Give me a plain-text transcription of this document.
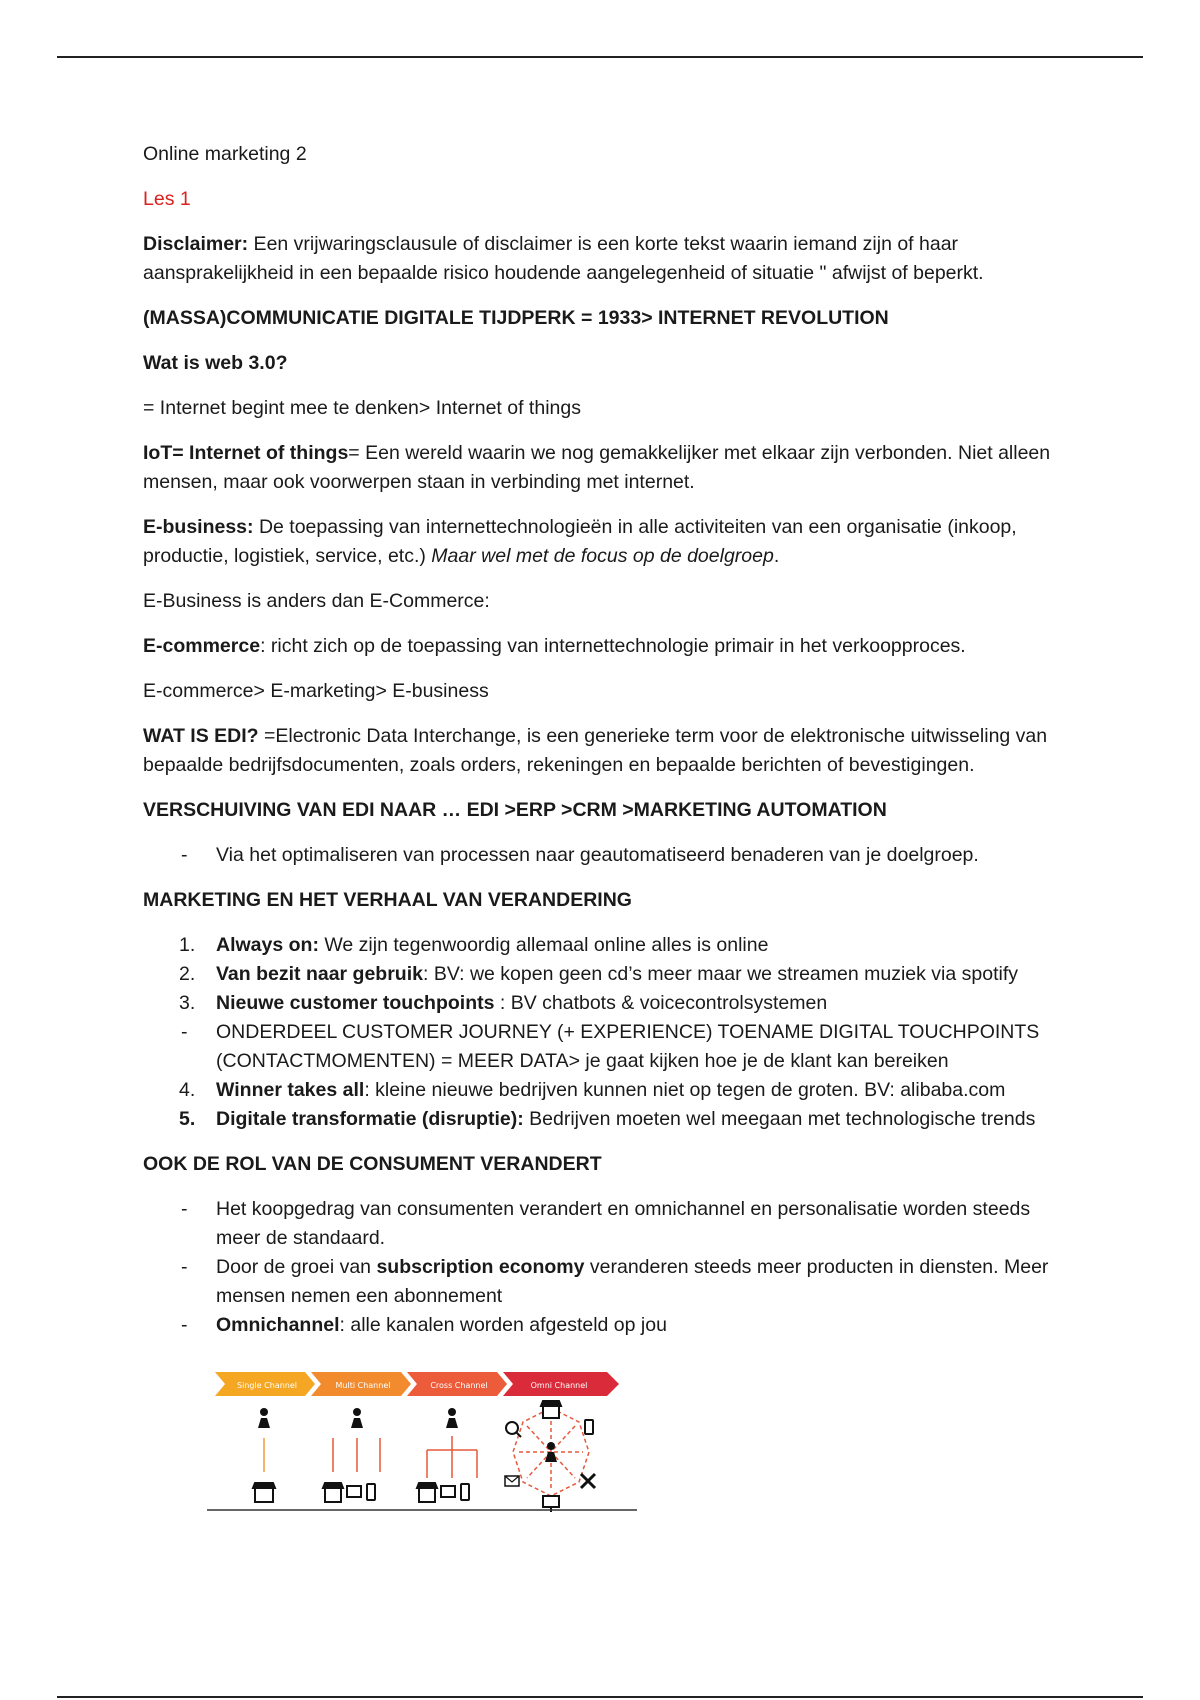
Online marketing 2

Les 1

Disclaimer: Een vrijwaringsclausule of disclaimer is een korte tekst waarin iemand zijn of haar aansprakelijkheid in een bepaalde risico houdende aangelegenheid of situatie " afwijst of beperkt.

(MASSA)COMMUNICATIE DIGITALE TIJDPERK = 1933> INTERNET REVOLUTION

Wat is web 3.0?

= Internet begint mee te denken> Internet of things

IoT= Internet of things= Een wereld waarin we nog gemakkelijker met elkaar zijn verbonden. Niet alleen mensen, maar ook voorwerpen staan in verbinding met internet.

E-business: De toepassing van internettechnologieën in alle activiteiten van een organisatie (inkoop, productie, logistiek, service, etc.) Maar wel met de focus op de doelgroep.

E-Business is anders dan E-Commerce:

E-commerce: richt zich op de toepassing van internettechnologie primair in het verkoopproces.

E-commerce> E-marketing> E-business

WAT IS EDI? =Electronic Data Interchange, is een generieke term voor de elektronische uitwisseling van bepaalde bedrijfsdocumenten, zoals orders, rekeningen en bepaalde berichten of bevestigingen.

VERSCHUIVING VAN EDI NAAR … EDI >ERP >CRM >MARKETING AUTOMATION

- Via het optimaliseren van processen naar geautomatiseerd benaderen van je doelgroep.

MARKETING EN HET VERHAAL VAN VERANDERING

1. Always on: We zijn tegenwoordig allemaal online alles is online
2. Van bezit naar gebruik: BV: we kopen geen cd’s meer maar we streamen muziek via spotify
3. Nieuwe customer touchpoints : BV chatbots & voicecontrolsystemen
- ONDERDEEL CUSTOMER JOURNEY (+ EXPERIENCE) TOENAME DIGITAL TOUCHPOINTS (CONTACTMOMENTEN) = MEER DATA> je gaat kijken hoe je de klant kan bereiken
4. Winner takes all: kleine nieuwe bedrijven kunnen niet op tegen de groten. BV: alibaba.com
5. Digitale transformatie (disruptie): Bedrijven moeten wel meegaan met technologische trends

OOK DE ROL VAN DE CONSUMENT VERANDERT

- Het koopgedrag van consumenten verandert en omnichannel en personalisatie worden steeds meer de standaard.
- Door de groei van subscription economy veranderen steeds meer producten in diensten. Meer mensen nemen een abonnement
- Omnichannel: alle kanalen worden afgesteld op jou
Single Channel	Multi Channel	Cross Channel	Omni Channel
